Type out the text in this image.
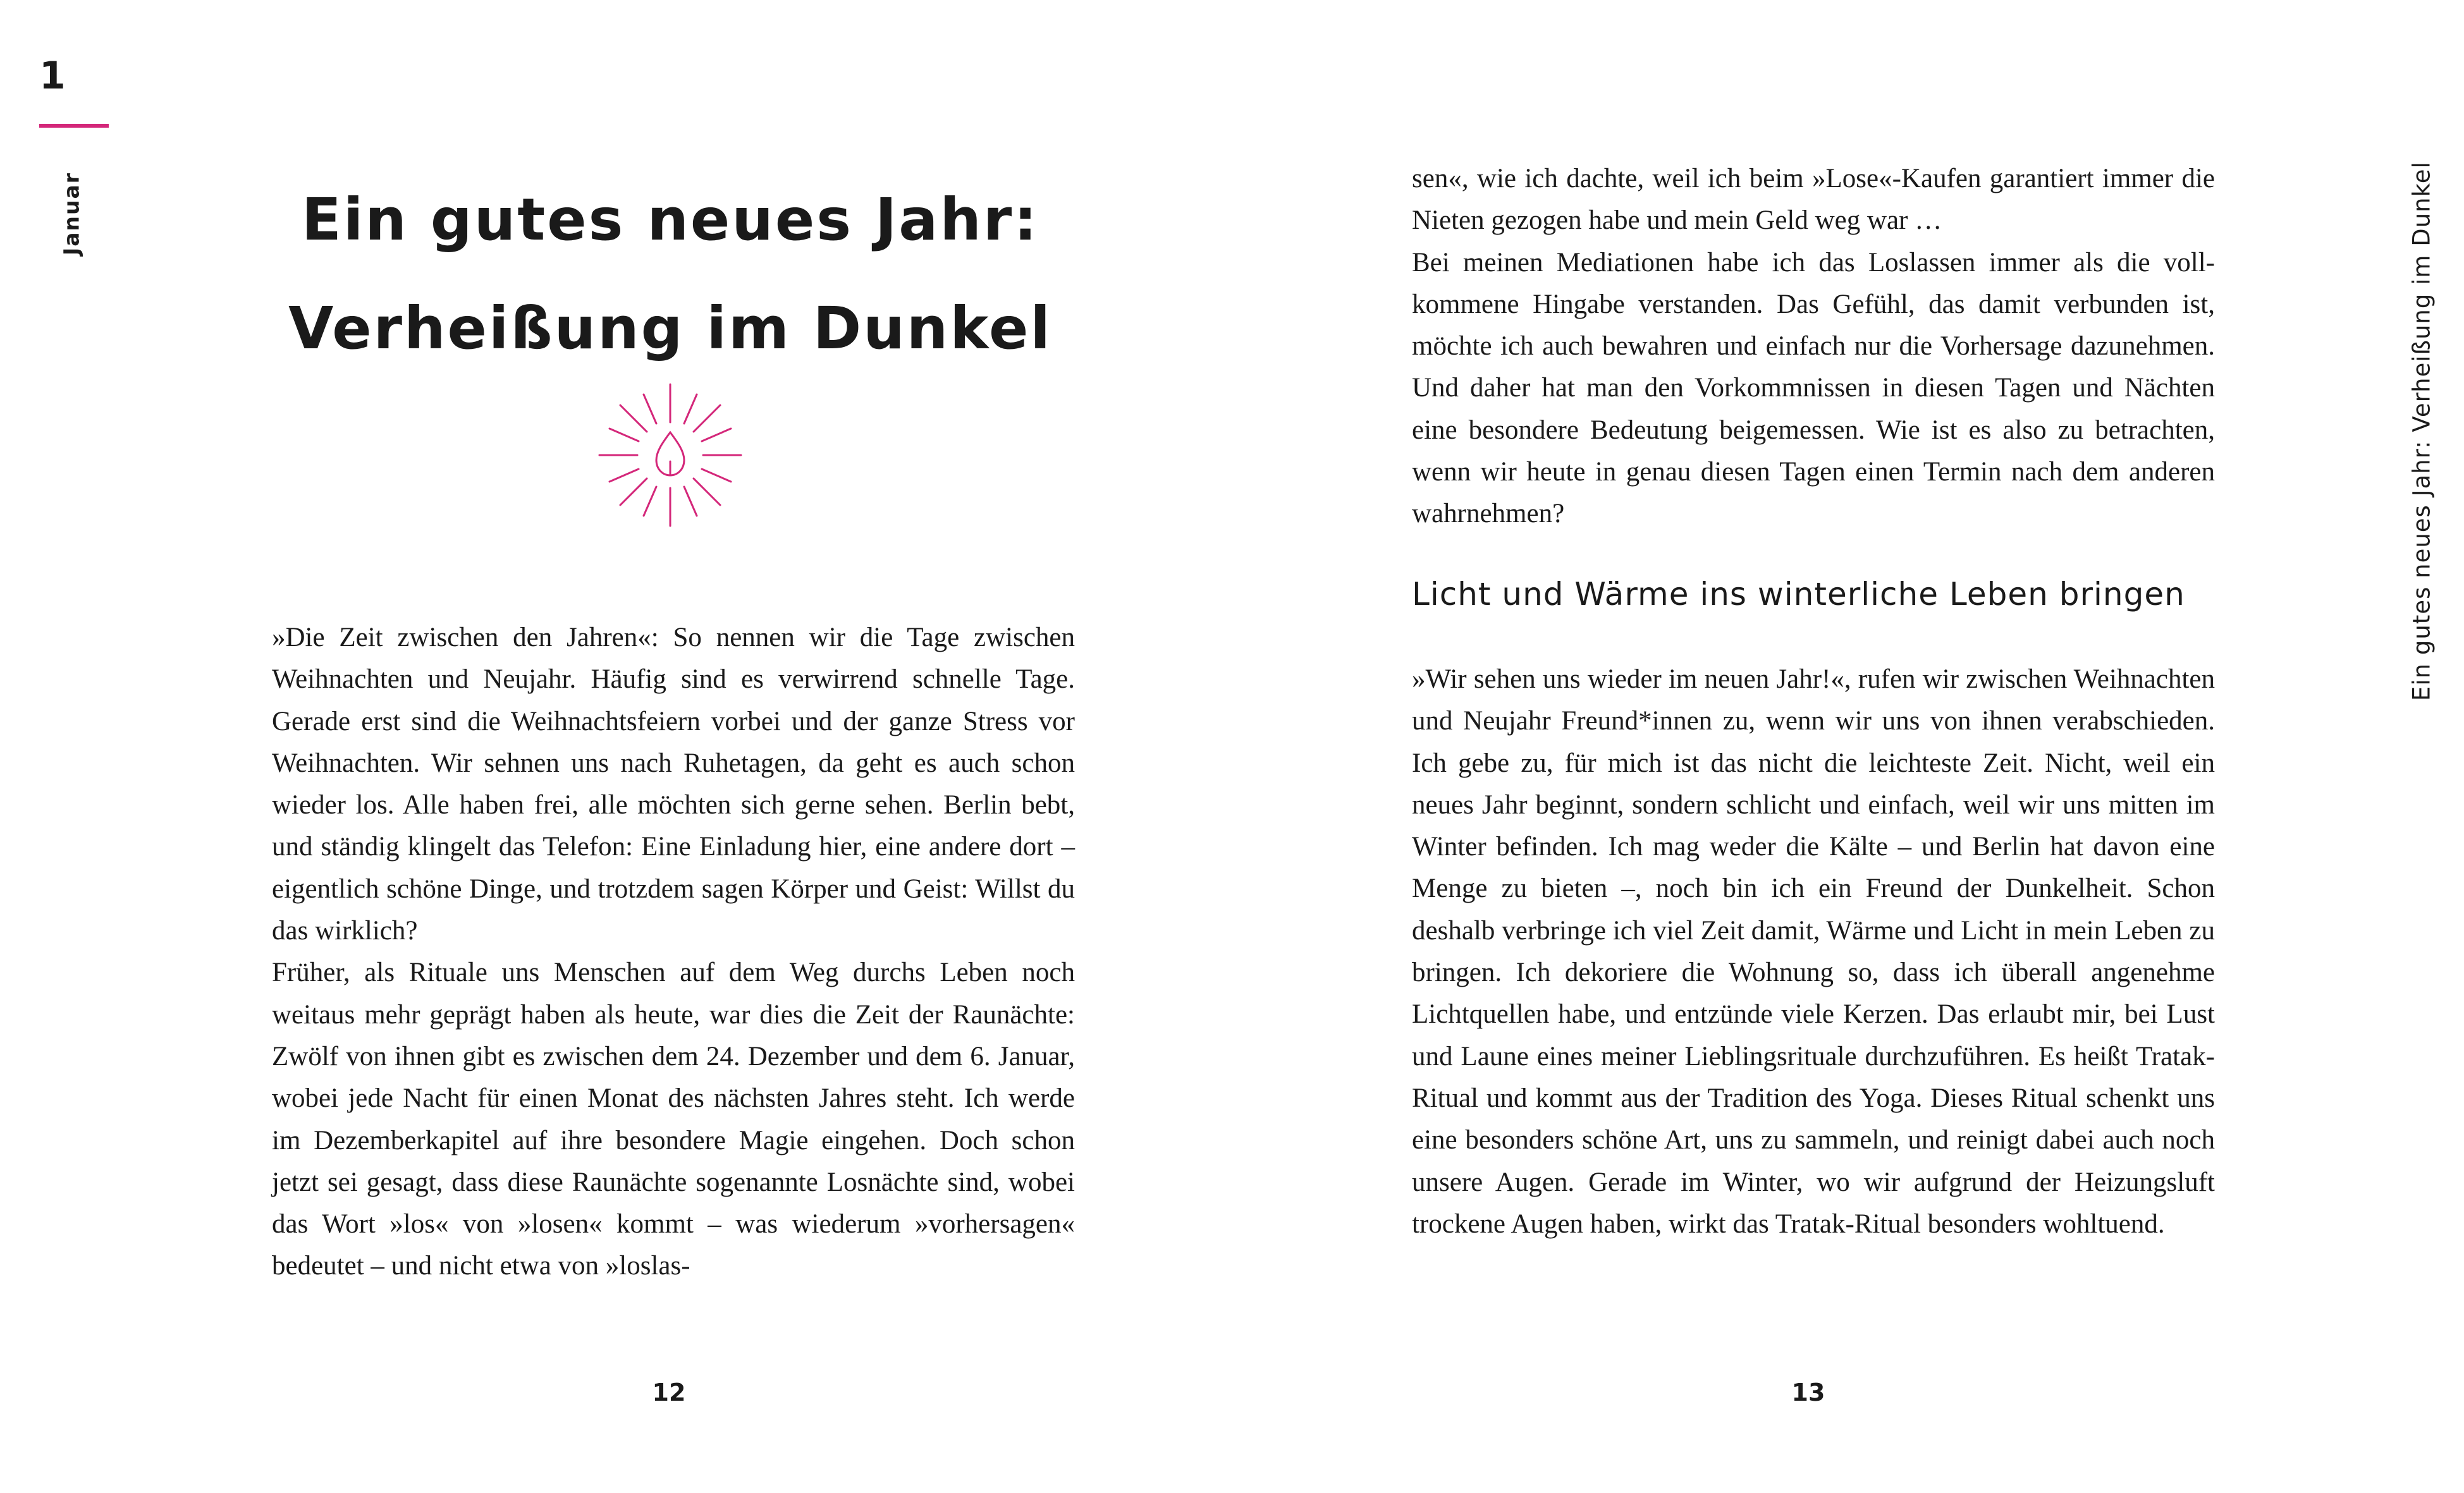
1
Januar	Ein gutes neues Jahr:
Verheißung im Dunkel

»Die Zeit zwischen den Jahren«: So nennen wir die Tage zwischen Weihnachten und Neujahr. Häufig sind es verwirrend schnelle Tage. Gerade erst sind die Weihnachtsfeiern vorbei und der ganze Stress vor Weihnachten. Wir sehnen uns nach Ruhetagen, da geht es auch schon wieder los. Alle haben frei, alle möchten sich gerne sehen. Berlin bebt, und ständig klingelt das Telefon: Eine Einladung hier, eine andere dort – eigentlich schöne Dinge, und trotzdem sagen Körper und Geist: Willst du das wirklich?

Früher, als Rituale uns Menschen auf dem Weg durchs Leben noch weitaus mehr geprägt haben als heute, war dies die Zeit der Raunächte: Zwölf von ihnen gibt es zwischen dem 24. Dezember und dem 6. Januar, wobei jede Nacht für einen Monat des nächsten Jahres steht. Ich werde im Dezemberkapitel auf ihre besondere Magie eingehen. Doch schon jetzt sei gesagt, dass diese Raunächte sogenannte Losnächte sind, wobei das Wort »los« von »losen« kommt – was wiederum »vorhersagen« bedeutet – und nicht etwa von »loslas-

12

sen«, wie ich dachte, weil ich beim »Lose«-Kaufen garantiert immer die Nieten gezogen habe und mein Geld weg war …

Bei meinen Mediationen habe ich das Loslassen immer als die vollkommene Hingabe verstanden. Das Gefühl, das damit verbunden ist, möchte ich auch bewahren und einfach nur die Vorhersage dazunehmen. Und daher hat man den Vorkommnissen in diesen Tagen und Nächten eine besondere Bedeutung beigemessen. Wie ist es also zu betrachten, wenn wir heute in genau diesen Tagen einen Termin nach dem anderen wahrnehmen?

Licht und Wärme ins winterliche Leben bringen

»Wir sehen uns wieder im neuen Jahr!«, rufen wir zwischen Weihnachten und Neujahr Freund*innen zu, wenn wir uns von ihnen verabschieden. Ich gebe zu, für mich ist das nicht die leichteste Zeit. Nicht, weil ein neues Jahr beginnt, sondern schlicht und einfach, weil wir uns mitten im Winter befinden. Ich mag weder die Kälte – und Berlin hat davon eine Menge zu bieten –, noch bin ich ein Freund der Dunkelheit. Schon deshalb verbringe ich viel Zeit damit, Wärme und Licht in mein Leben zu bringen. Ich dekoriere die Wohnung so, dass ich überall angenehme Lichtquellen habe, und entzünde viele Kerzen. Das erlaubt mir, bei Lust und Laune eines meiner Lieblingsrituale durchzuführen. Es heißt Tratak-Ritual und kommt aus der Tradition des Yoga. Dieses Ritual schenkt uns eine besonders schöne Art, uns zu sammeln, und reinigt dabei auch noch unsere Augen. Gerade im Winter, wo wir aufgrund der Heizungsluft trockene Augen haben, wirkt das Tratak-Ritual besonders wohltuend.

13
Ein gutes neues Jahr: Verheißung im Dunkel
